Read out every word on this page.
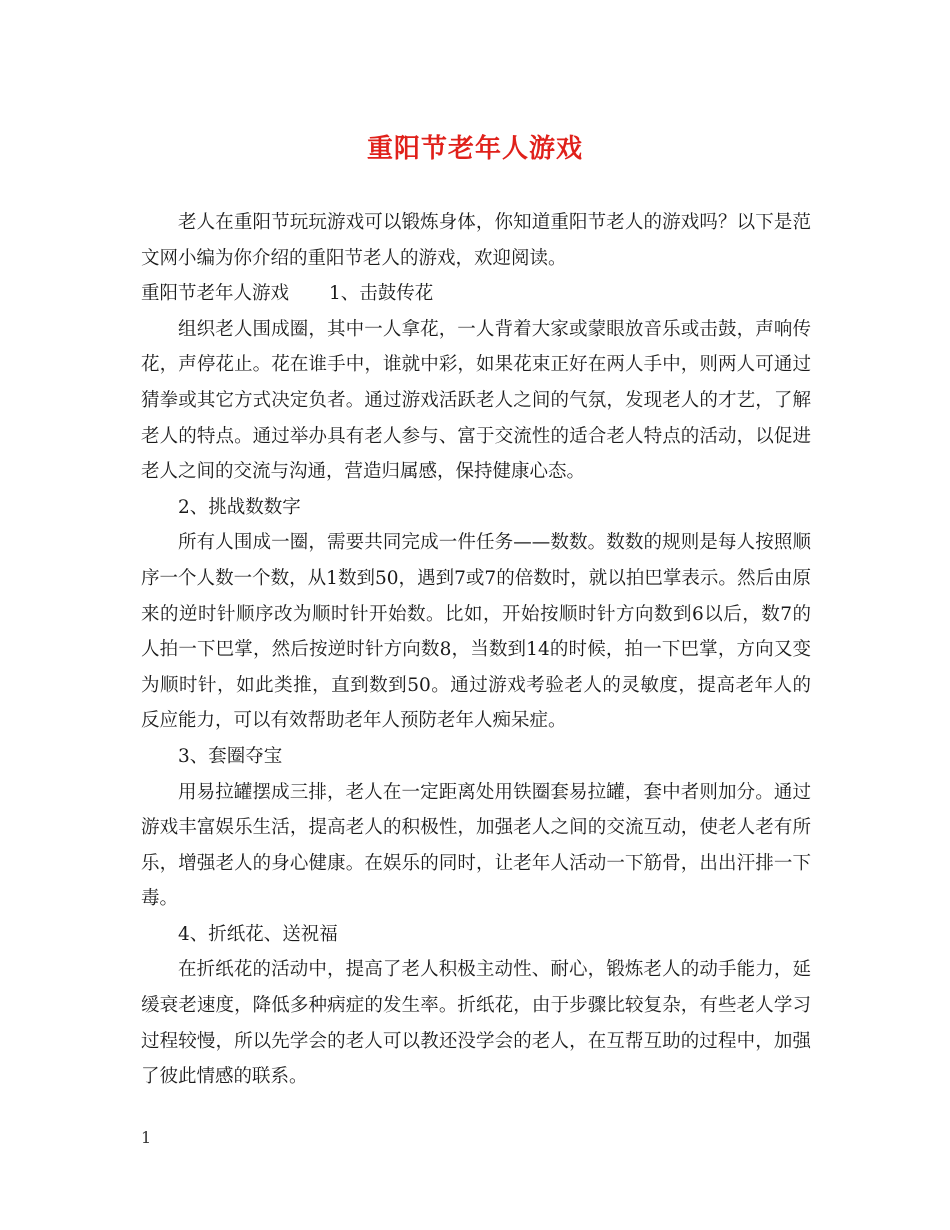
重阳节老年人游戏

老人在重阳节玩玩游戏可以锻炼身体，你知道重阳节老人的游戏吗？以下是范文网小编为你介绍的重阳节老人的游戏，欢迎阅读。

重阳节老年人游戏 1、击鼓传花

组织老人围成圈，其中一人拿花，一人背着大家或蒙眼放音乐或击鼓，声响传花，声停花止。花在谁手中，谁就中彩，如果花束正好在两人手中，则两人可通过猜拳或其它方式决定负者。通过游戏活跃老人之间的气氛，发现老人的才艺，了解老人的特点。通过举办具有老人参与、富于交流性的适合老人特点的活动，以促进老人之间的交流与沟通，营造归属感，保持健康心态。

2、挑战数数字

所有人围成一圈，需要共同完成一件任务——数数。数数的规则是每人按照顺序一个人数一个数，从1数到50，遇到7或7的倍数时，就以拍巴掌表示。然后由原来的逆时针顺序改为顺时针开始数。比如，开始按顺时针方向数到6以后，数7的人拍一下巴掌，然后按逆时针方向数8，当数到14的时候，拍一下巴掌，方向又变为顺时针，如此类推，直到数到50。通过游戏考验老人的灵敏度，提高老年人的反应能力，可以有效帮助老年人预防老年人痴呆症。

3、套圈夺宝

用易拉罐摆成三排，老人在一定距离处用铁圈套易拉罐，套中者则加分。通过游戏丰富娱乐生活，提高老人的积极性，加强老人之间的交流互动，使老人老有所乐，增强老人的身心健康。在娱乐的同时，让老年人活动一下筋骨，出出汗排一下毒。

4、折纸花、送祝福

在折纸花的活动中，提高了老人积极主动性、耐心，锻炼老人的动手能力，延缓衰老速度，降低多种病症的发生率。折纸花，由于步骤比较复杂，有些老人学习过程较慢，所以先学会的老人可以教还没学会的老人，在互帮互助的过程中，加强了彼此情感的联系。

1
